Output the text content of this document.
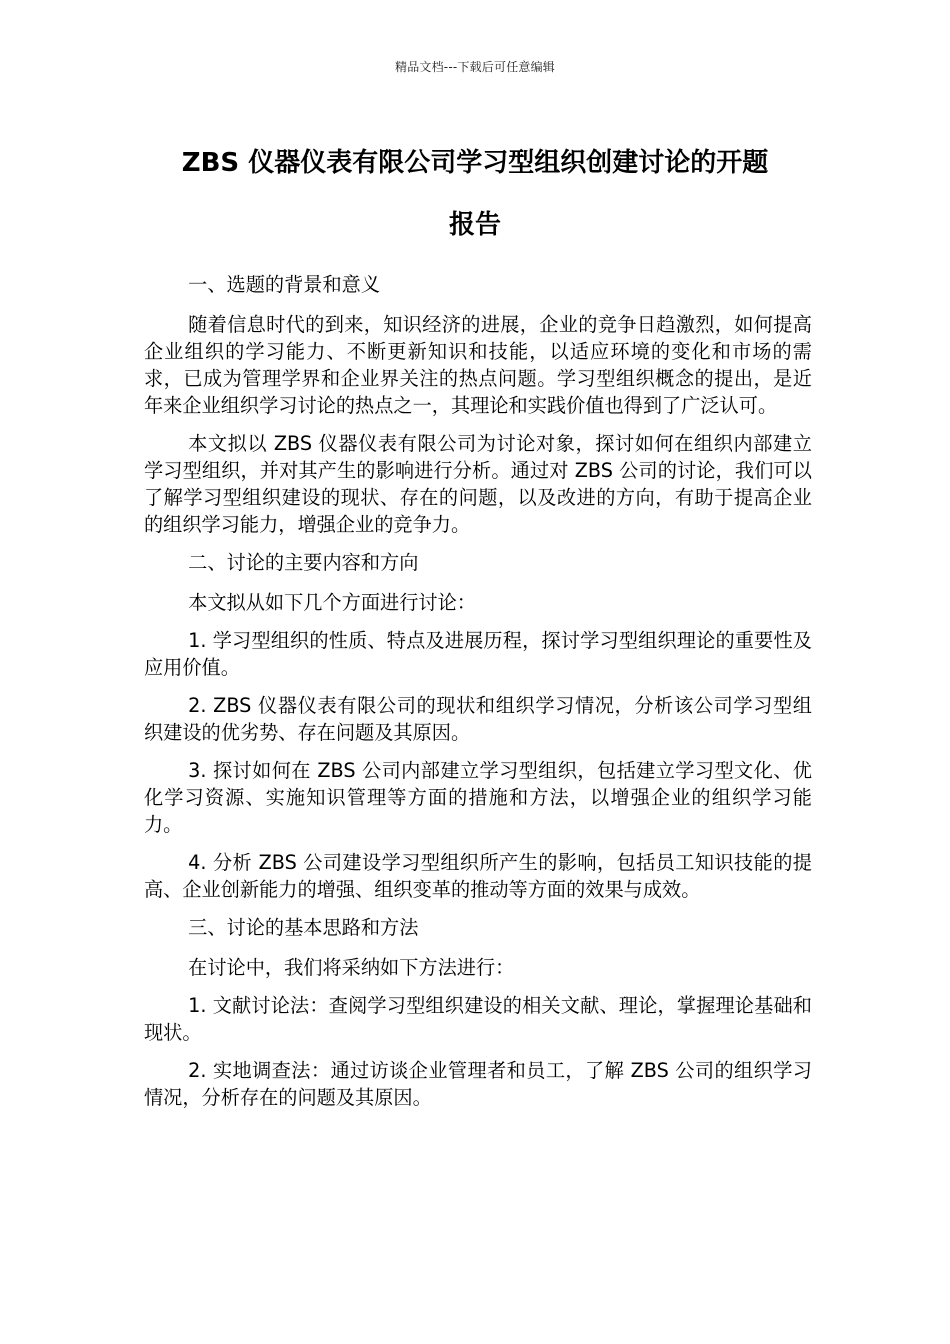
精品文档---下载后可任意编辑
ZBS 仪器仪表有限公司学习型组织创建讨论的开题
报告

一、选题的背景和意义

随着信息时代的到来，知识经济的进展，企业的竞争日趋激烈，如何提高企业组织的学习能力、不断更新知识和技能，以适应环境的变化和市场的需求，已成为管理学界和企业界关注的热点问题。学习型组织概念的提出，是近年来企业组织学习讨论的热点之一，其理论和实践价值也得到了广泛认可。

本文拟以 ZBS 仪器仪表有限公司为讨论对象，探讨如何在组织内部建立学习型组织，并对其产生的影响进行分析。通过对 ZBS 公司的讨论，我们可以了解学习型组织建设的现状、存在的问题，以及改进的方向，有助于提高企业的组织学习能力，增强企业的竞争力。

二、讨论的主要内容和方向

本文拟从如下几个方面进行讨论：

1. 学习型组织的性质、特点及进展历程，探讨学习型组织理论的重要性及应用价值。

2. ZBS 仪器仪表有限公司的现状和组织学习情况，分析该公司学习型组织建设的优劣势、存在问题及其原因。

3. 探讨如何在 ZBS 公司内部建立学习型组织，包括建立学习型文化、优化学习资源、实施知识管理等方面的措施和方法，以增强企业的组织学习能力。

4. 分析 ZBS 公司建设学习型组织所产生的影响，包括员工知识技能的提高、企业创新能力的增强、组织变革的推动等方面的效果与成效。

三、讨论的基本思路和方法

在讨论中，我们将采纳如下方法进行：

1. 文献讨论法：查阅学习型组织建设的相关文献、理论，掌握理论基础和现状。

2. 实地调查法：通过访谈企业管理者和员工，了解 ZBS 公司的组织学习情况，分析存在的问题及其原因。
